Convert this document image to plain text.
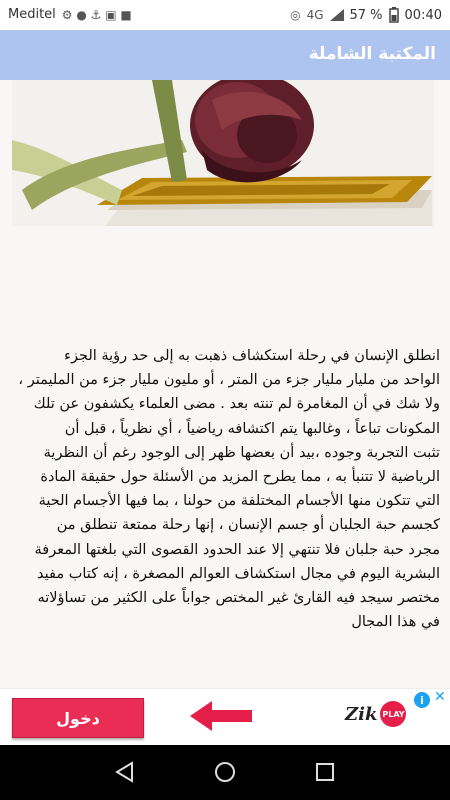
Meditel ⚙ ● ⚓ ▣ ■	◎ 4G 57 % 00:40
المكتبة الشاملة
انطلق الإنسان في رحلة استكشاف ذهبت به إلى حد رؤية الجزء
الواحد من مليار مليار جزء من المتر ، أو مليون مليار جزء من المليمتر ،
ولا شك في أن المغامرة لم تنته بعد . مضى العلماء يكشفون عن تلك
المكونات تباعاً ، وغالبها يتم اكتشافه رياضياً ، أي نظرياً ، قبل أن
تثبت التجربة وجوده ،بيد أن بعضها ظهر إلى الوجود رغم أن النظرية
الرياضية لا تتنبأ به ، مما يطرح المزيد من الأسئلة حول حقيقة المادة
التي تتكون منها الأجسام المختلفة من حولنا ، بما فيها الأجسام الحية
كجسم حبة الجلبان أو جسم الإنسان ، إنها رحلة ممتعة تنطلق من
مجرد حبة جلبان فلا تنتهي إلا عند الحدود القصوى التي بلغتها المعرفة
البشرية اليوم في مجال استكشاف العوالم المصغرة ، إنه كتاب مفيد
مختصر سيجد فيه القارئ غير المختص جواباً على الكثير من تساؤلاته
في هذا المجال
دخول	Zik PLAY
i ✕
